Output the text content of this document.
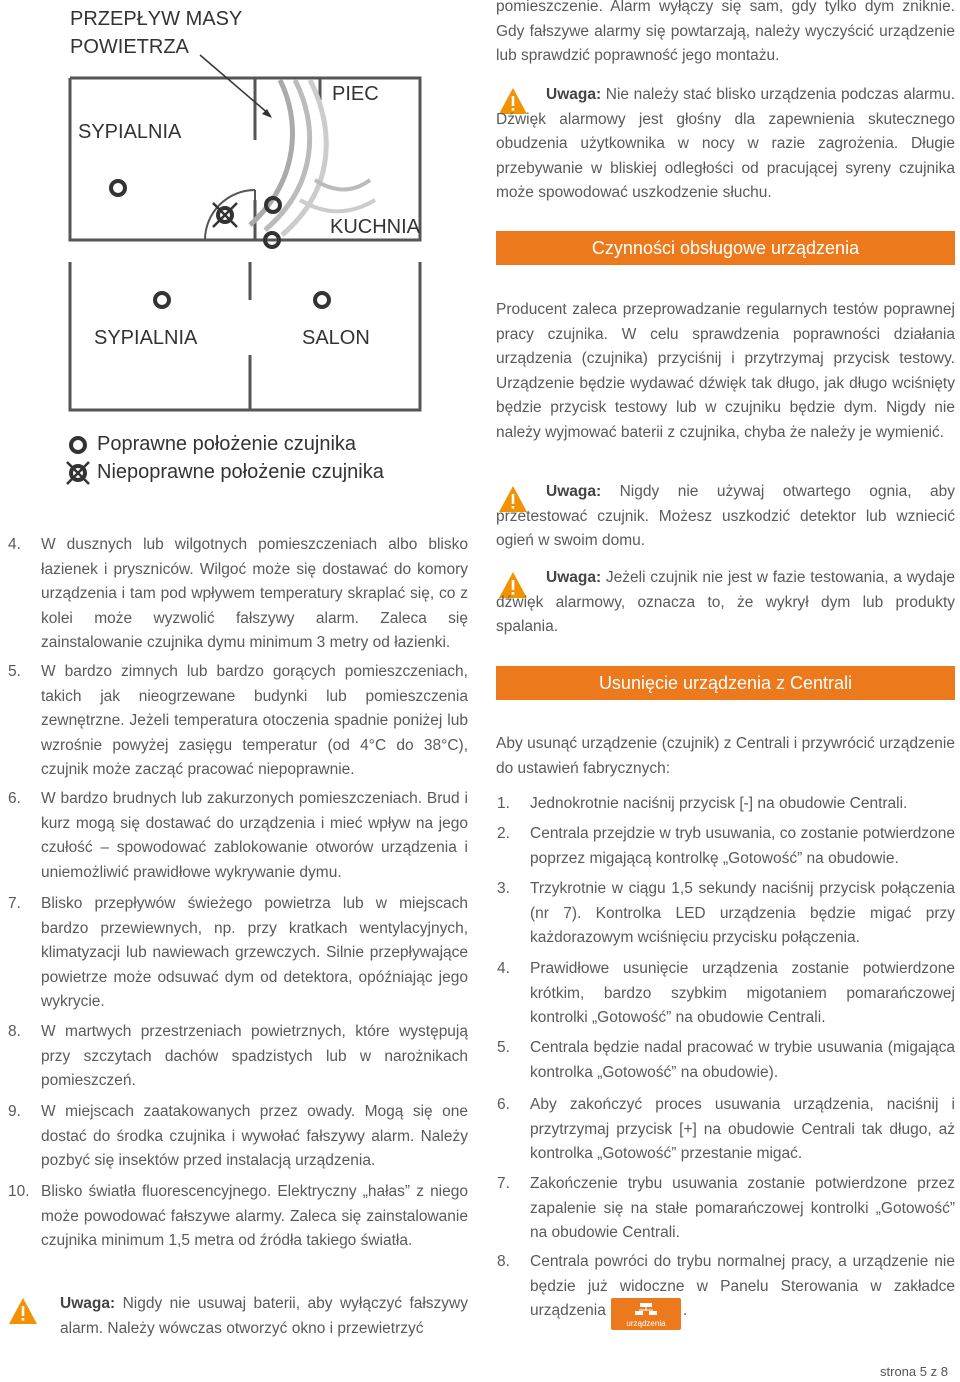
PRZEPŁYW MASY
POWIETRZA
PIEC
SYPIALNIA
KUCHNIA
SYPIALNIA	SALON
Poprawne położenie czujnika
Niepoprawne położenie czujnika
4. W dusznych lub wilgotnych pomieszczeniach albo blisko łazienek i pryszniców. Wilgoć może się dostawać do komory urządzenia i tam pod wpływem temperatury skraplać się, co z kolei może wyzwolić fałszywy alarm. Zaleca się zainstalowanie czujnika dymu minimum 3 metry od łazienki.
5. W bardzo zimnych lub bardzo gorących pomieszczeniach, takich jak nieogrzewane budynki lub pomieszczenia zewnętrzne. Jeżeli temperatura otoczenia spadnie poniżej lub wzrośnie powyżej zasięgu temperatur (od 4°C do 38°C), czujnik może zacząć pracować niepoprawnie.
6. W bardzo brudnych lub zakurzonych pomieszczeniach. Brud i kurz mogą się dostawać do urządzenia i mieć wpływ na jego czułość – spowodować zablokowanie otworów urządzenia i uniemożliwić prawidłowe wykrywanie dymu.
7. Blisko przepływów świeżego powietrza lub w miejscach bardzo przewiewnych, np. przy kratkach wentylacyjnych, klimatyzacji lub nawiewach grzewczych. Silnie przepływające powietrze może odsuwać dym od detektora, opóźniając jego wykrycie.
8. W martwych przestrzeniach powietrznych, które występują przy szczytach dachów spadzistych lub w narożnikach pomieszczeń.
9. W miejscach zaatakowanych przez owady. Mogą się one dostać do środka czujnika i wywołać fałszywy alarm. Należy pozbyć się insektów przed instalacją urządzenia.
10. Blisko światła fluorescencyjnego. Elektryczny „hałas” z niego może powodować fałszywe alarmy. Zaleca się zainstalowanie czujnika minimum 1,5 metra od źródła takiego światła.
Uwaga: Nigdy nie usuwaj baterii, aby wyłączyć fałszywy alarm. Należy wówczas otworzyć okno i przewietrzyć
pomieszczenie. Alarm wyłączy się sam, gdy tylko dym zniknie. Gdy fałszywe alarmy się powtarzają, należy wyczyścić urządzenie lub sprawdzić poprawność jego montażu.
Uwaga: Nie należy stać blisko urządzenia podczas alarmu. Dźwięk alarmowy jest głośny dla zapewnienia skutecznego obudzenia użytkownika w nocy w razie zagrożenia. Długie przebywanie w bliskiej odległości od pracującej syreny czujnika może spowodować uszkodzenie słuchu.
Czynności obsługowe urządzenia
Producent zaleca przeprowadzanie regularnych testów poprawnej pracy czujnika. W celu sprawdzenia poprawności działania urządzenia (czujnika) przyciśnij i przytrzymaj przycisk testowy. Urządzenie będzie wydawać dźwięk tak długo, jak długo wciśnięty będzie przycisk testowy lub w czujniku będzie dym. Nigdy nie należy wyjmować baterii z czujnika, chyba że należy je wymienić.
Uwaga: Nigdy nie używaj otwartego ognia, aby przetestować czujnik. Możesz uszkodzić detektor lub wzniecić ogień w swoim domu.
Uwaga: Jeżeli czujnik nie jest w fazie testowania, a wydaje dźwięk alarmowy, oznacza to, że wykrył dym lub produkty spalania.
Usunięcie urządzenia z Centrali
Aby usunąć urządzenie (czujnik) z Centrali i przywrócić urządzenie do ustawień fabrycznych:
1. Jednokrotnie naciśnij przycisk [-] na obudowie Centrali.
2. Centrala przejdzie w tryb usuwania, co zostanie potwierdzone poprzez migającą kontrolkę „Gotowość” na obudowie.
3. Trzykrotnie w ciągu 1,5 sekundy naciśnij przycisk połączenia (nr 7). Kontrolka LED urządzenia będzie migać przy każdorazowym wciśnięciu przycisku połączenia.
4. Prawidłowe usunięcie urządzenia zostanie potwierdzone krótkim, bardzo szybkim migotaniem pomarańczowej kontrolki „Gotowość” na obudowie Centrali.
5. Centrala będzie nadal pracować w trybie usuwania (migająca kontrolka „Gotowość” na obudowie).
6. Aby zakończyć proces usuwania urządzenia, naciśnij i przytrzymaj przycisk [+] na obudowie Centrali tak długo, aż kontrolka „Gotowość” przestanie migać.
7. Zakończenie trybu usuwania zostanie potwierdzone przez zapalenie się na stałe pomarańczowej kontrolki „Gotowość” na obudowie Centrali.
8. Centrala powróci do trybu normalnej pracy, a urządzenie nie będzie już widoczne w Panelu Sterowania w zakładce urządzenia
urządzenia
.
strona 5 z 8
